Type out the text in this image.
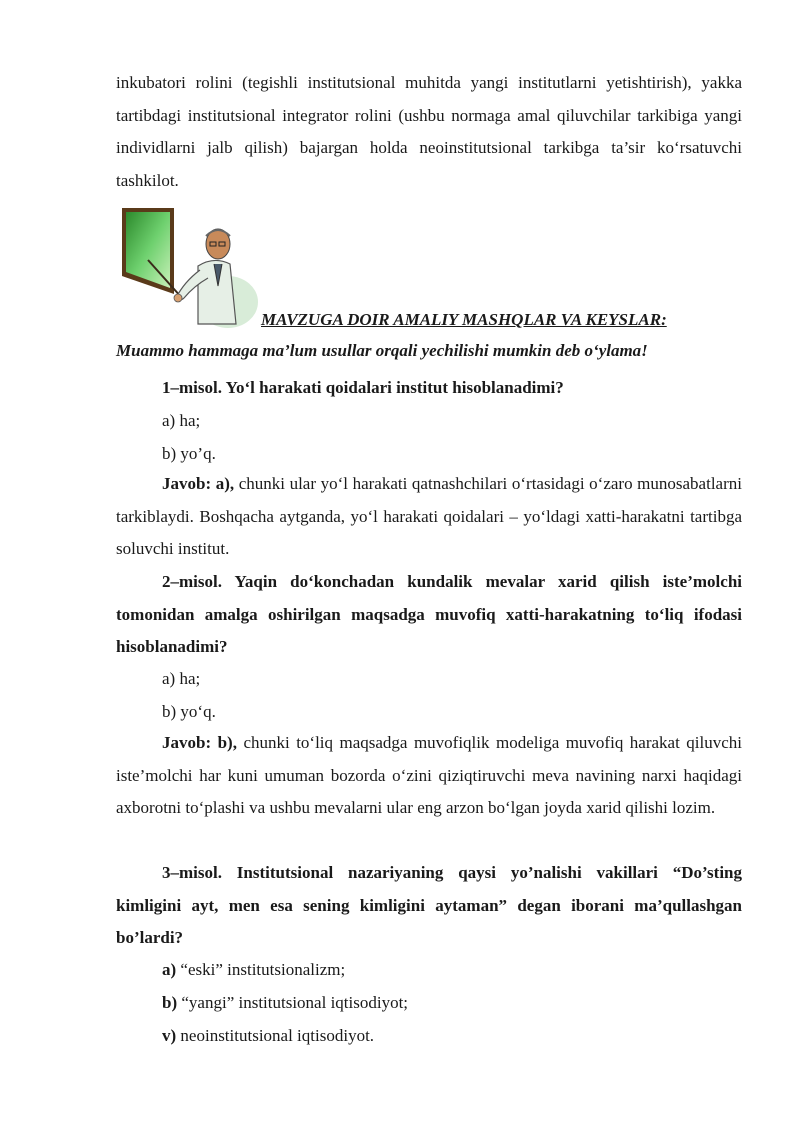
inkubatori rolini (tegishli institutsional muhitda yangi institutlarni yetishtirish), yakka tartibdagi institutsional integrator rolini (ushbu normaga amal qiluvchilar tarkibiga yangi individlarni jalb qilish) bajargan holda neoinstitutsional tarkibga ta’sir ko‘rsatuvchi tashkilot.

MAVZUGA DOIR AMALIY MASHQLAR VA KEYSLAR:
Muammo hammaga ma’lum usullar orqali yechilishi mumkin deb o‘ylama!

1–misol. Yo‘l harakati qoidalari institut hisoblanadimi?

a) ha;

b) yo’q.

Javob: a), chunki ular yo‘l harakati qatnashchilari o‘rtasidagi o‘zaro munosabatlarni tarkiblaydi. Boshqacha aytganda, yo‘l harakati qoidalari – yo‘ldagi xatti-harakatni tartibga soluvchi institut.

2–misol. Yaqin do‘konchadan kundalik mevalar xarid qilish iste’molchi tomonidan amalga oshirilgan maqsadga muvofiq xatti-harakatning to‘liq ifodasi hisoblanadimi?

a) ha;

b) yo‘q.

Javob: b), chunki to‘liq maqsadga muvofiqlik modeliga muvofiq harakat qiluvchi iste’molchi har kuni umuman bozorda o‘zini qiziqtiruvchi meva navining narxi haqidagi axborotni to‘plashi va ushbu mevalarni ular eng arzon bo‘lgan joyda xarid qilishi lozim.

3–misol. Institutsional nazariyaning qaysi yo’nalishi vakillari “Do’sting kimligini ayt, men esa sening kimligini aytaman” degan iborani ma’qullashgan bo’lardi?

a) “eski” institutsionalizm;

b) “yangi” institutsional iqtisodiyot;

v) neoinstitutsional iqtisodiyot.
